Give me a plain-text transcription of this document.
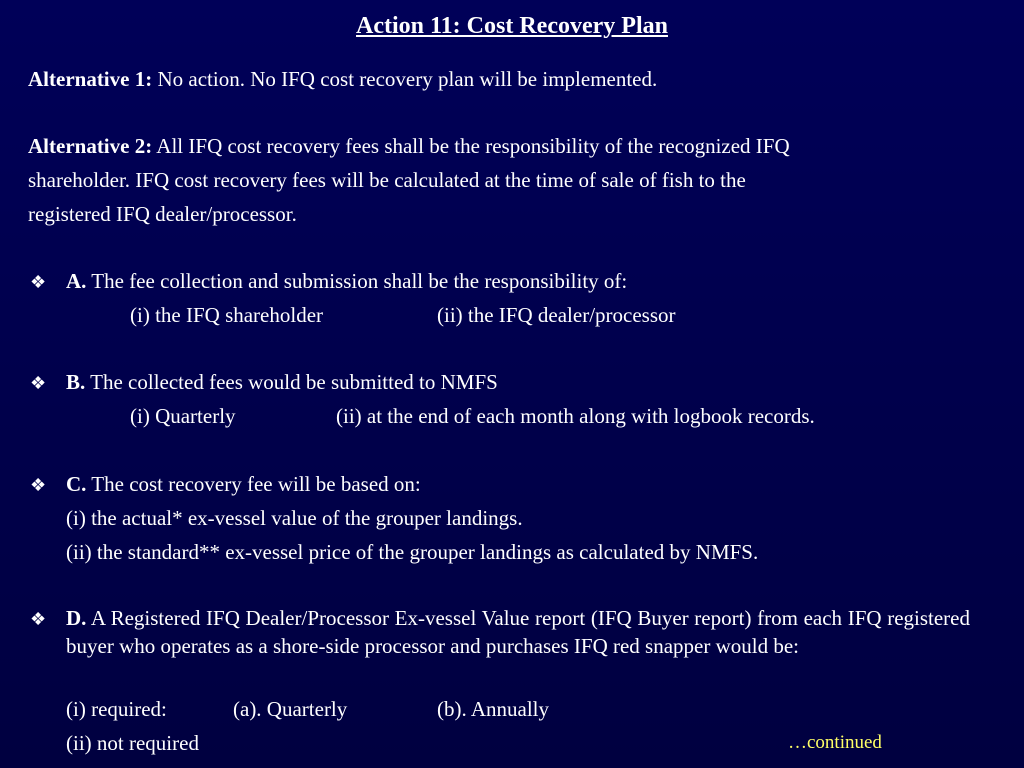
Action 11: Cost Recovery Plan
Alternative 1: No action. No IFQ cost recovery plan will be implemented.
Alternative 2: All IFQ cost recovery fees shall be the responsibility of the recognized IFQ
shareholder. IFQ cost recovery fees will be calculated at the time of sale of fish to the
registered IFQ dealer/processor.
❖ A. The fee collection and submission shall be the responsibility of:
(i) the IFQ shareholder	(ii) the IFQ dealer/processor
❖ B. The collected fees would be submitted to NMFS
(i) Quarterly	(ii) at the end of each month along with logbook records.
❖ C. The cost recovery fee will be based on:
(i) the actual* ex-vessel value of the grouper landings.
(ii) the standard** ex-vessel price of the grouper landings as calculated by NMFS.
❖ D. A Registered IFQ Dealer/Processor Ex-vessel Value report (IFQ Buyer report) from each IFQ registered buyer who operates as a shore-side processor and purchases IFQ red snapper would be:
(i) required:	(a). Quarterly	(b). Annually
(ii) not required	…continued
